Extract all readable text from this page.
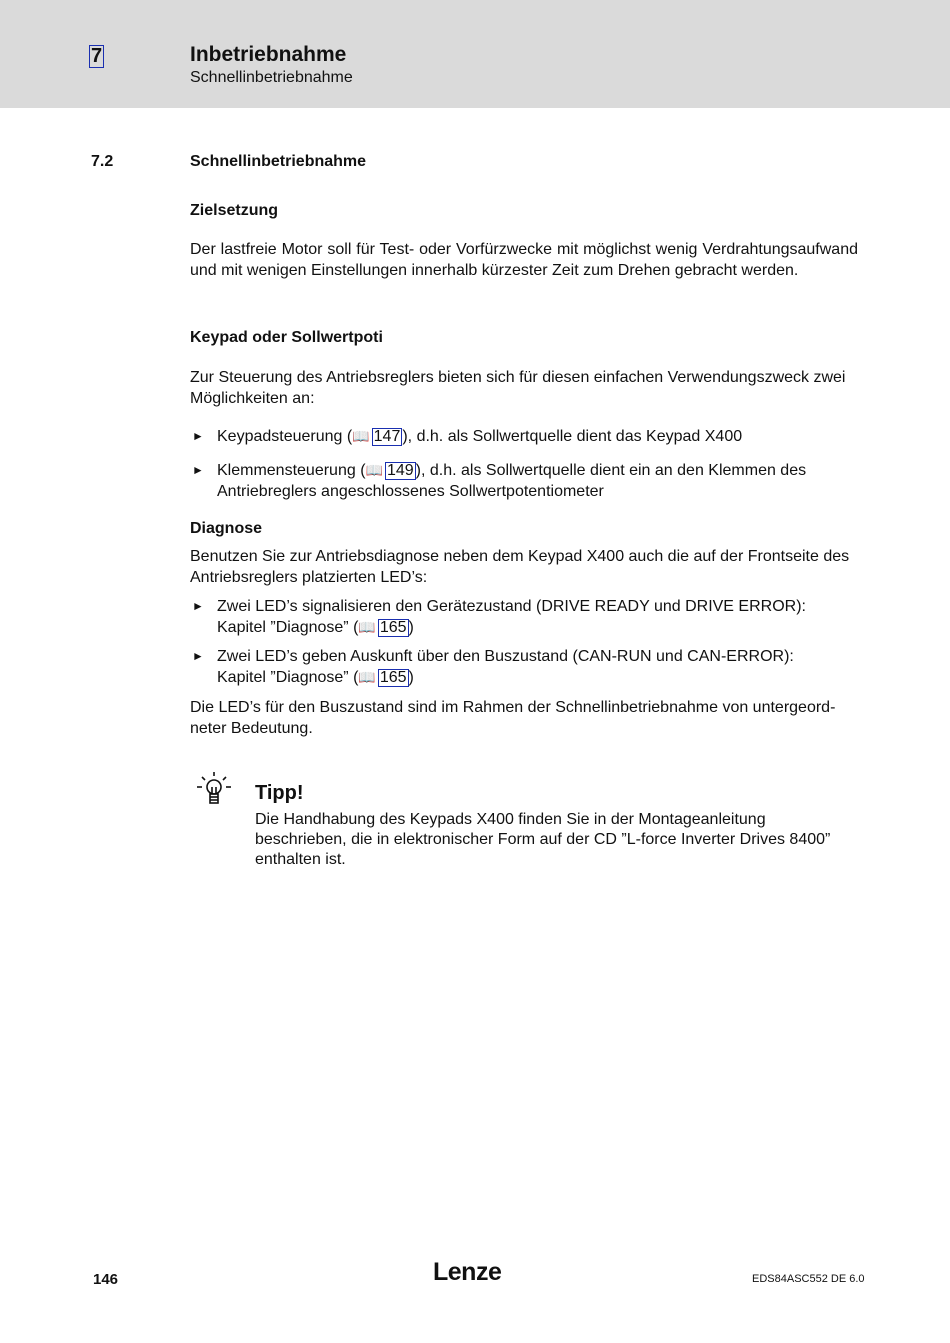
7	Inbetriebnahme
Schnellinbetriebnahme
7.2	Schnellinbetriebnahme
Zielsetzung
Der lastfreie Motor soll für Test- oder Vorfürzwecke mit möglichst wenig Verdrahtungsaufwand und mit wenigen Einstellungen innerhalb kürzester Zeit zum Drehen gebracht werden.
Keypad oder Sollwertpoti
Zur Steuerung des Antriebsreglers bieten sich für diesen einfachen Verwendungszweck zwei Möglichkeiten an:
► Keypadsteuerung (📖 147 ), d.h. als Sollwertquelle dient das Keypad X400
► Klemmensteuerung (📖 149 ), d.h. als Sollwertquelle dient ein an den Klemmen des Antriebreglers angeschlossenes Sollwertpotentiometer
Diagnose
Benutzen Sie zur Antriebsdiagnose neben dem Keypad X400 auch die auf der Frontseite des Antriebsreglers platzierten LED’s:
► Zwei LED’s signalisieren den Gerätezustand (DRIVE READY und DRIVE ERROR):
Kapitel ”Diagnose” (📖 165 )
► Zwei LED’s geben Auskunft über den Buszustand (CAN-RUN und CAN-ERROR):
Kapitel ”Diagnose” (📖 165 )
Die LED’s für den Buszustand sind im Rahmen der Schnellinbetriebnahme von untergeord-neter Bedeutung.
Tipp!
Die Handhabung des Keypads X400 finden Sie in der Montageanleitung beschrieben, die in elektronischer Form auf der CD ”L-force Inverter Drives 8400” enthalten ist.
146	Lenze	EDS84ASC552 DE 6.0
